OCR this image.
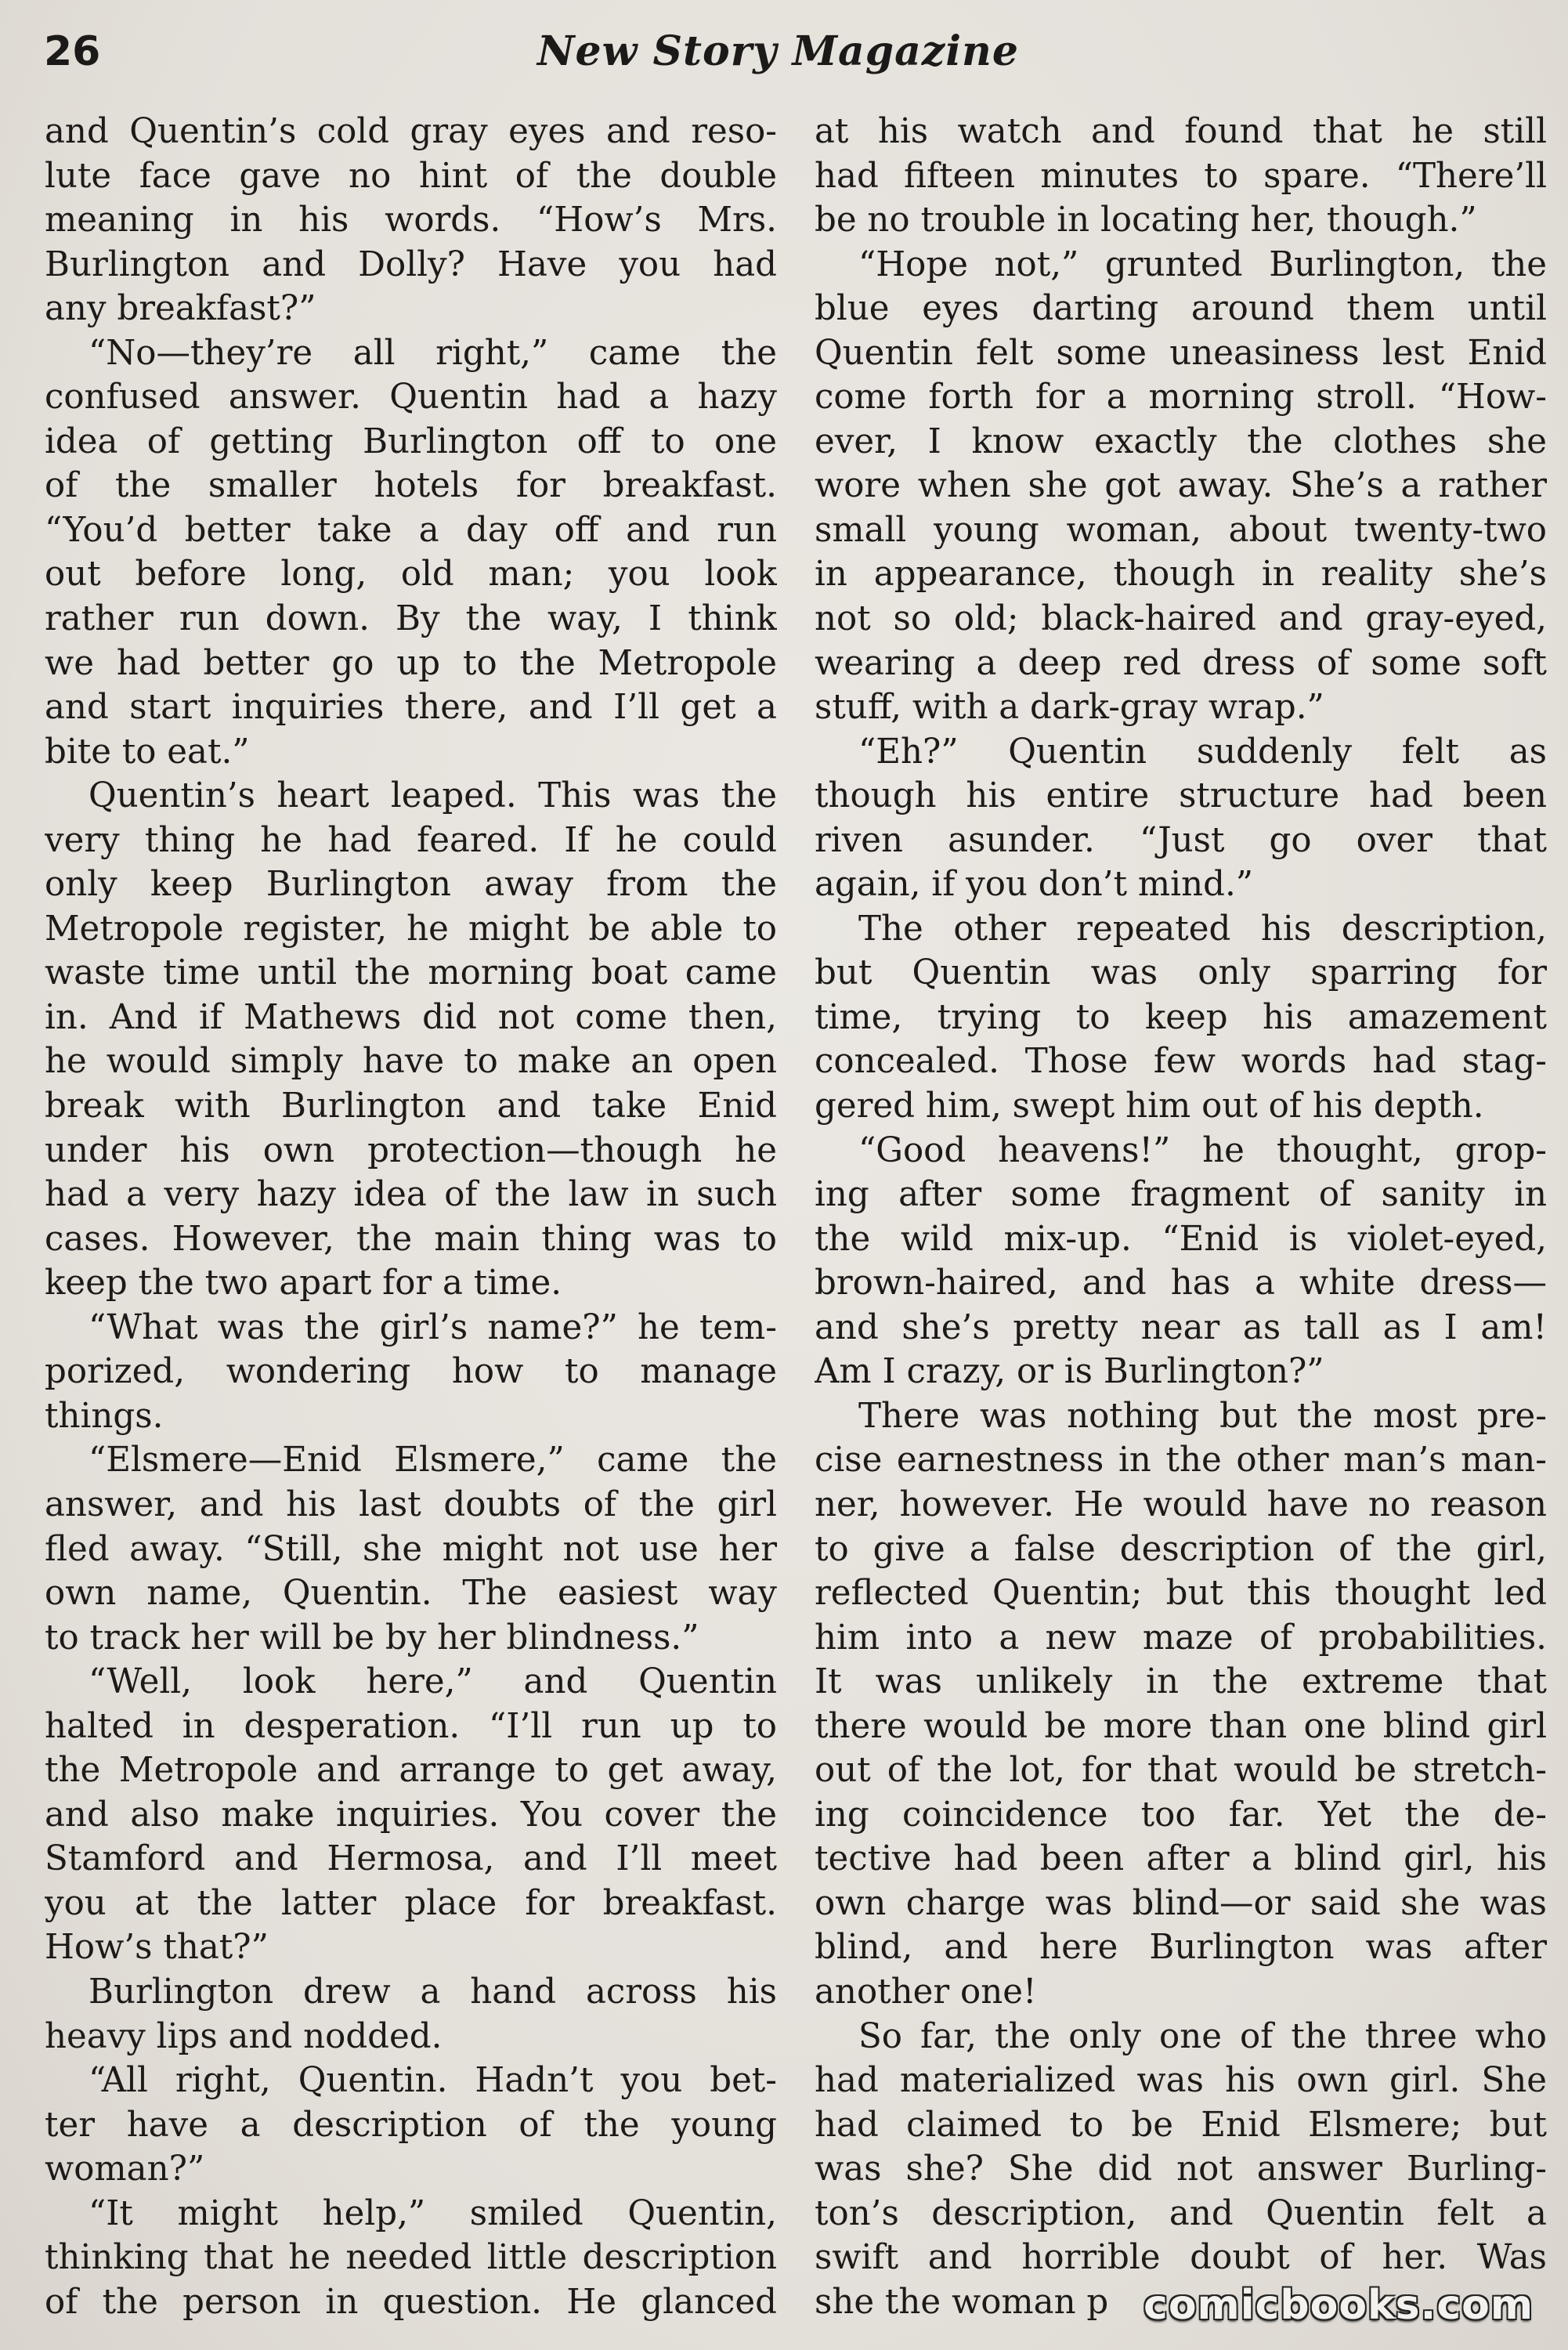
26	New Story Magazine
and Quentin’s cold gray eyes and reso-
lute face gave no hint of the double
meaning in his words. “How’s Mrs.
Burlington and Dolly? Have you had
any breakfast?”
“No—they’re all right,” came the
confused answer. Quentin had a hazy
idea of getting Burlington off to one
of the smaller hotels for breakfast.
“You’d better take a day off and run
out before long, old man; you look
rather run down. By the way, I think
we had better go up to the Metropole
and start inquiries there, and I’ll get a
bite to eat.”
Quentin’s heart leaped. This was the
very thing he had feared. If he could
only keep Burlington away from the
Metropole register, he might be able to
waste time until the morning boat came
in. And if Mathews did not come then,
he would simply have to make an open
break with Burlington and take Enid
under his own protection—though he
had a very hazy idea of the law in such
cases. However, the main thing was to
keep the two apart for a time.
“What was the girl’s name?” he tem-
porized, wondering how to manage
things.
“Elsmere—Enid Elsmere,” came the
answer, and his last doubts of the girl
fled away. “Still, she might not use her
own name, Quentin. The easiest way
to track her will be by her blindness.”
“Well, look here,” and Quentin
halted in desperation. “I’ll run up to
the Metropole and arrange to get away,
and also make inquiries. You cover the
Stamford and Hermosa, and I’ll meet
you at the latter place for breakfast.
How’s that?”
Burlington drew a hand across his
heavy lips and nodded.
“All right, Quentin. Hadn’t you bet-
ter have a description of the young
woman?”
“It might help,” smiled Quentin,
thinking that he needed little description
of the person in question. He glanced
at his watch and found that he still
had fifteen minutes to spare. “There’ll
be no trouble in locating her, though.”
“Hope not,” grunted Burlington, the
blue eyes darting around them until
Quentin felt some uneasiness lest Enid
come forth for a morning stroll. “How-
ever, I know exactly the clothes she
wore when she got away. She’s a rather
small young woman, about twenty-two
in appearance, though in reality she’s
not so old; black-haired and gray-eyed,
wearing a deep red dress of some soft
stuff, with a dark-gray wrap.”
“Eh?” Quentin suddenly felt as
though his entire structure had been
riven asunder. “Just go over that
again, if you don’t mind.”
The other repeated his description,
but Quentin was only sparring for
time, trying to keep his amazement
concealed. Those few words had stag-
gered him, swept him out of his depth.
“Good heavens!” he thought, grop-
ing after some fragment of sanity in
the wild mix-up. “Enid is violet-eyed,
brown-haired, and has a white dress—
and she’s pretty near as tall as I am!
Am I crazy, or is Burlington?”
There was nothing but the most pre-
cise earnestness in the other man’s man-
ner, however. He would have no reason
to give a false description of the girl,
reflected Quentin; but this thought led
him into a new maze of probabilities.
It was unlikely in the extreme that
there would be more than one blind girl
out of the lot, for that would be stretch-
ing coincidence too far. Yet the de-
tective had been after a blind girl, his
own charge was blind—or said she was
blind, and here Burlington was after
another one!
So far, the only one of the three who
had materialized was his own girl. She
had claimed to be Enid Elsmere; but
was she? She did not answer Burling-
ton’s description, and Quentin felt a
swift and horrible doubt of her. Was
she the woman p comicbooks.com
